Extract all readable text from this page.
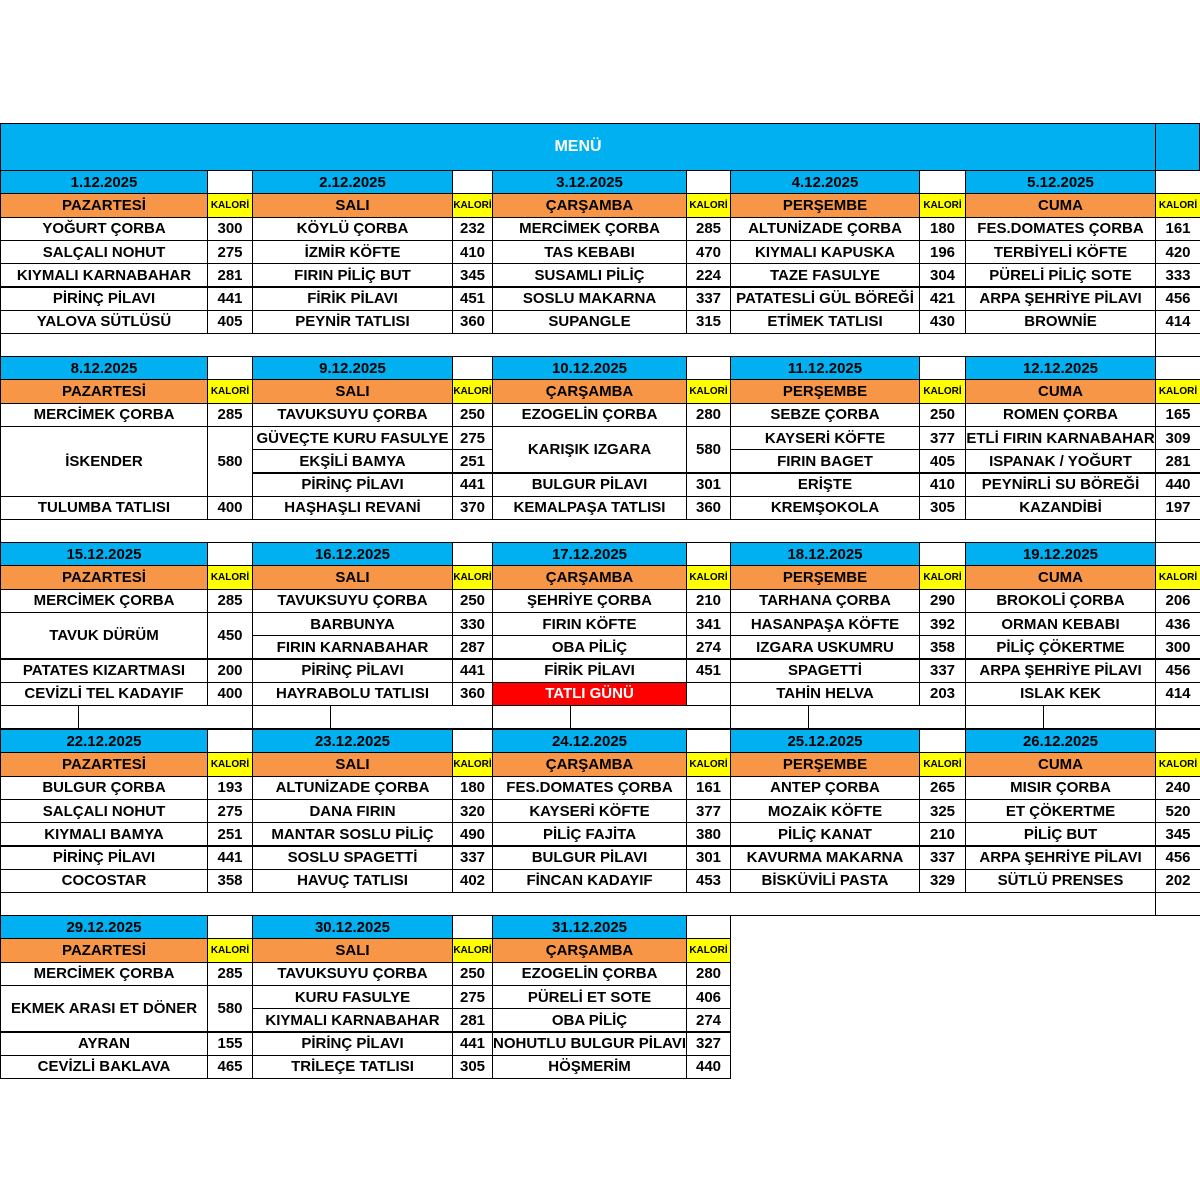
MENÜ
1.12.2025
PAZARTESİ	KALORİ
YOĞURT ÇORBA	300
SALÇALI NOHUT	275
KIYMALI KARNABAHAR	281
PİRİNÇ PİLAVI	441
YALOVA SÜTLÜSÜ	405
2.12.2025
SALI	KALORİ
KÖYLÜ ÇORBA	232
İZMİR KÖFTE	410
FIRIN PİLİÇ BUT	345
FİRİK PİLAVI	451
PEYNİR TATLISI	360
3.12.2025
ÇARŞAMBA	KALORİ
MERCİMEK ÇORBA	285
TAS KEBABI	470
SUSAMLI PİLİÇ	224
SOSLU MAKARNA	337
SUPANGLE	315
4.12.2025
PERŞEMBE	KALORİ
ALTUNİZADE ÇORBA	180
KIYMALI KAPUSKA	196
TAZE FASULYE	304
PATATESLİ GÜL BÖREĞİ	421
ETİMEK TATLISI	430
5.12.2025
CUMA	KALORİ
FES.DOMATES ÇORBA	161
TERBİYELİ KÖFTE	420
PÜRELİ PİLİÇ SOTE	333
ARPA ŞEHRİYE PİLAVI	456
BROWNİE	414
8.12.2025
PAZARTESİ	KALORİ
MERCİMEK ÇORBA	285
İSKENDER	580
TULUMBA TATLISI	400
9.12.2025
SALI	KALORİ
TAVUKSUYU ÇORBA	250
GÜVEÇTE KURU FASULYE 275
EKŞİLİ BAMYA	251
PİRİNÇ PİLAVI	441
HAŞHAŞLI REVANİ	370
10.12.2025
ÇARŞAMBA	KALORİ
EZOGELİN ÇORBA	280
KARIŞIK IZGARA	580
BULGUR PİLAVI	301
KEMALPAŞA TATLISI	360
11.12.2025
PERŞEMBE	KALORİ
SEBZE ÇORBA	250
KAYSERİ KÖFTE	377
FIRIN BAGET	405
ERİŞTE	410
KREMŞOKOLA	305
12.12.2025
CUMA	KALORİ
ROMEN ÇORBA	165
ETLİ FIRIN KARNABAHAR 309
ISPANAK / YOĞURT	281
PEYNİRLİ SU BÖREĞİ	440
KAZANDİBİ	197
15.12.2025
PAZARTESİ	KALORİ
MERCİMEK ÇORBA	285
TAVUK DÜRÜM	450
PATATES KIZARTMASI	200
CEVİZLİ TEL KADAYIF	400
16.12.2025
SALI	KALORİ
TAVUKSUYU ÇORBA	250
BARBUNYA	330
FIRIN KARNABAHAR	287
PİRİNÇ PİLAVI	441
HAYRABOLU TATLISI	360
17.12.2025
ÇARŞAMBA	KALORİ
ŞEHRİYE ÇORBA	210
FIRIN KÖFTE	341
OBA PİLİÇ	274
FİRİK PİLAVI	451
TATLI GÜNÜ
18.12.2025
PERŞEMBE	KALORİ
TARHANA ÇORBA	290
HASANPAŞA KÖFTE	392
IZGARA USKUMRU	358
SPAGETTİ	337
TAHİN HELVA	203
19.12.2025
CUMA	KALORİ
BROKOLİ ÇORBA	206
ORMAN KEBABI	436
PİLİÇ ÇÖKERTME	300
ARPA ŞEHRİYE PİLAVI	456
ISLAK KEK	414
22.12.2025
PAZARTESİ	KALORİ
BULGUR ÇORBA	193
SALÇALI NOHUT	275
KIYMALI BAMYA	251
PİRİNÇ PİLAVI	441
COCOSTAR	358
23.12.2025
SALI	KALORİ
ALTUNİZADE ÇORBA	180
DANA FIRIN	320
MANTAR SOSLU PİLİÇ	490
SOSLU SPAGETTİ	337
HAVUÇ TATLISI	402
24.12.2025
ÇARŞAMBA	KALORİ
FES.DOMATES ÇORBA	161
KAYSERİ KÖFTE	377
PİLİÇ FAJİTA	380
BULGUR PİLAVI	301
FİNCAN KADAYIF	453
25.12.2025
PERŞEMBE	KALORİ
ANTEP ÇORBA	265
MOZAİK KÖFTE	325
PİLİÇ KANAT	210
KAVURMA MAKARNA	337
BİSKÜVİLİ PASTA	329
26.12.2025
CUMA	KALORİ
MISIR ÇORBA	240
ET ÇÖKERTME	520
PİLİÇ BUT	345
ARPA ŞEHRİYE PİLAVI	456
SÜTLÜ PRENSES	202
29.12.2025
PAZARTESİ	KALORİ
MERCİMEK ÇORBA	285
EKMEK ARASI ET DÖNER	580
AYRAN	155
CEVİZLİ BAKLAVA	465
30.12.2025
SALI	KALORİ
TAVUKSUYU ÇORBA	250
KURU FASULYE	275
KIYMALI KARNABAHAR	281
PİRİNÇ PİLAVI	441
TRİLEÇE TATLISI	305
31.12.2025
ÇARŞAMBA	KALORİ
EZOGELİN ÇORBA	280
PÜRELİ ET SOTE	406
OBA PİLİÇ	274
NOHUTLU BULGUR PİLAVI 327
HÖŞMERİM	440
